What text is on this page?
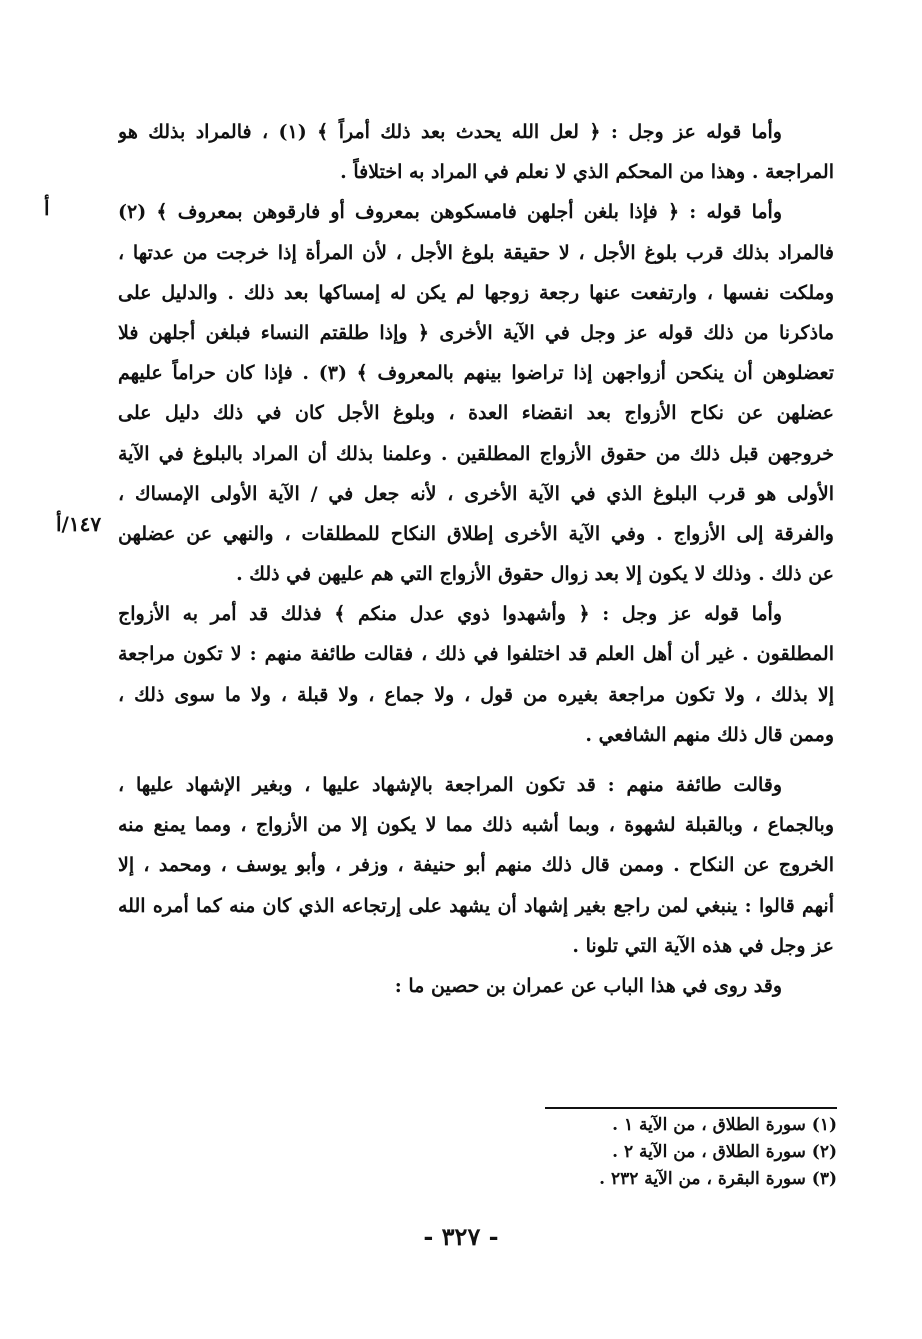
أ
١٤٧/أ
وأما قوله عز وجل : ﴿ لعل الله يحدث بعد ذلك أمراً ﴾ (١) ، فالمراد بذلك هو
المراجعة . وهذا من المحكم الذي لا نعلم في المراد به اختلافاً .
وأما قوله : ﴿ فإذا بلغن أجلهن فامسكوهن بمعروف أو فارقوهن بمعروف ﴾ (٢)
فالمراد بذلك قرب بلوغ الأجل ، لا حقيقة بلوغ الأجل ، لأن المرأة إذا خرجت من عدتها ،
وملكت نفسها ، وارتفعت عنها رجعة زوجها لم يكن له إمساكها بعد ذلك . والدليل على
ماذكرنا من ذلك قوله عز وجل في الآية الأخرى ﴿ وإذا طلقتم النساء فبلغن أجلهن فلا
تعضلوهن أن ينكحن أزواجهن إذا تراضوا بينهم بالمعروف ﴾ (٣) . فإذا كان حراماً عليهم
عضلهن عن نكاح الأزواج بعد انقضاء العدة ، وبلوغ الأجل كان في ذلك دليل على
خروجهن قبل ذلك من حقوق الأزواج المطلقين . وعلمنا بذلك أن المراد بالبلوغ في الآية
الأولى هو قرب البلوغ الذي في الآية الأخرى ، لأنه جعل في / الآية الأولى الإمساك ،
والفرقة إلى الأزواج . وفي الآية الأخرى إطلاق النكاح للمطلقات ، والنهي عن عضلهن
عن ذلك . وذلك لا يكون إلا بعد زوال حقوق الأزواج التي هم عليهن في ذلك .
وأما قوله عز وجل : ﴿ وأشهدوا ذوي عدل منكم ﴾ فذلك قد أمر به الأزواج
المطلقون . غير أن أهل العلم قد اختلفوا في ذلك ، فقالت طائفة منهم : لا تكون مراجعة
إلا بذلك ، ولا تكون مراجعة بغيره من قول ، ولا جماع ، ولا قبلة ، ولا ما سوى ذلك ،
وممن قال ذلك منهم الشافعي .
وقالت طائفة منهم : قد تكون المراجعة بالإشهاد عليها ، وبغير الإشهاد عليها ،
وبالجماع ، وبالقبلة لشهوة ، وبما أشبه ذلك مما لا يكون إلا من الأزواج ، ومما يمنع منه
الخروج عن النكاح . وممن قال ذلك منهم أبو حنيفة ، وزفر ، وأبو يوسف ، ومحمد ، إلا
أنهم قالوا : ينبغي لمن راجع بغير إشهاد أن يشهد على إرتجاعه الذي كان منه كما أمره الله
عز وجل في هذه الآية التي تلونا .
وقد روى في هذا الباب عن عمران بن حصين ما :
(١) سورة الطلاق ، من الآية ١ .
(٢) سورة الطلاق ، من الآية ٢ .
(٣) سورة البقرة ، من الآية ٢٣٢ .
- ٣٢٧ -
